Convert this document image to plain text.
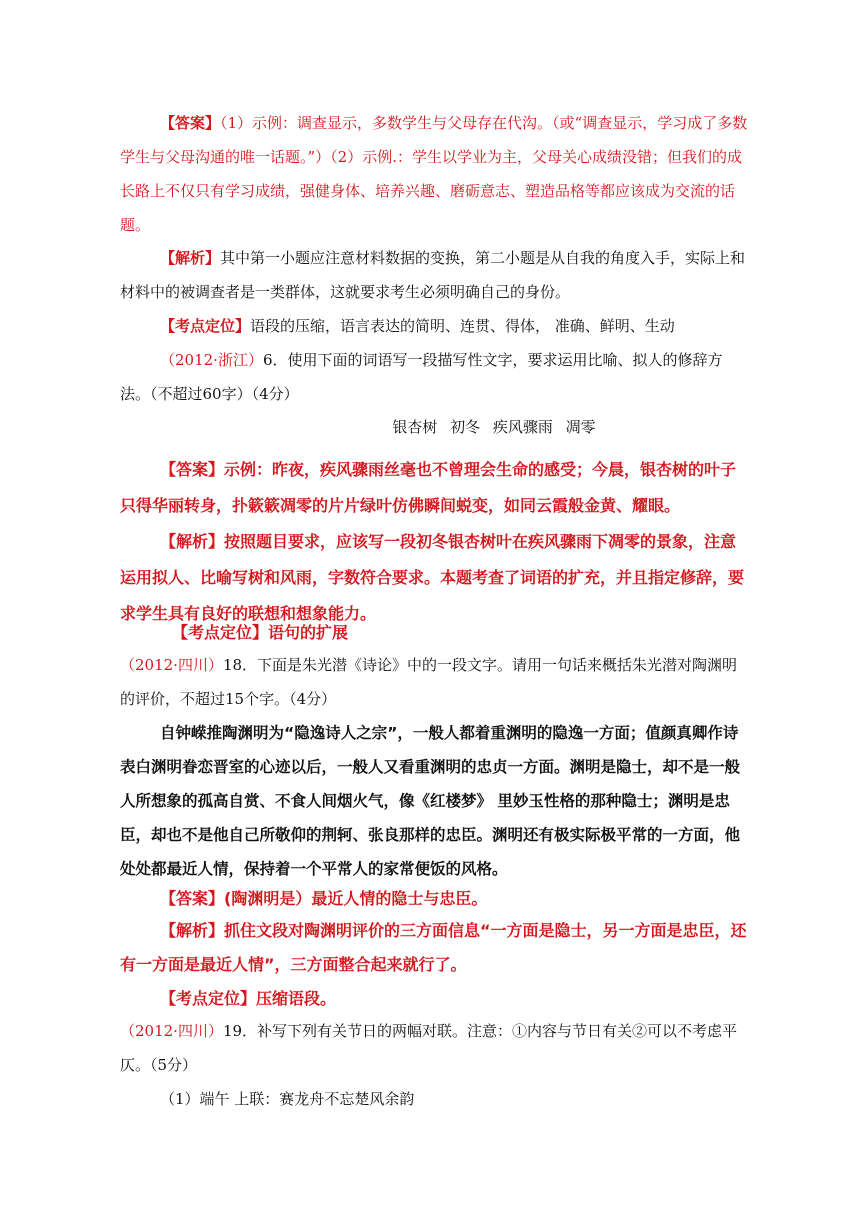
【答案】（1）示例：调查显示，多数学生与父母存在代沟。（或“调查显示，学习成了多数学生与父母沟通的唯一话题。”）（2）示例.：学生以学业为主，父母关心成绩没错；但我们的成长路上不仅只有学习成绩，强健身体、培养兴趣、磨砺意志、塑造品格等都应该成为交流的话题。
【解析】其中第一小题应注意材料数据的变换，第二小题是从自我的角度入手，实际上和材料中的被调查者是一类群体，这就要求考生必须明确自己的身份。
【考点定位】语段的压缩，语言表达的简明、连贯、得体， 准确、鲜明、生动
（2012·浙江）6．使用下面的词语写一段描写性文字，要求运用比喻、拟人的修辞方法。（不超过60字）（4分）
银杏树 初冬 疾风骤雨 凋零
【答案】示例：昨夜，疾风骤雨丝毫也不曾理会生命的感受；今晨，银杏树的叶子只得华丽转身，扑簌簌凋零的片片绿叶仿佛瞬间蜕变，如同云霞般金黄、耀眼。
【解析】按照题目要求，应该写一段初冬银杏树叶在疾风骤雨下凋零的景象，注意运用拟人、比喻写树和风雨，字数符合要求。本题考查了词语的扩充，并且指定修辞，要求学生具有良好的联想和想象能力。
【考点定位】语句的扩展
（2012·四川）18．下面是朱光潜《诗论》中的一段文字。请用一句话来概括朱光潜对陶渊明的评价，不超过15个字。（4分）
自钟嵘推陶渊明为“隐逸诗人之宗”，一般人都着重渊明的隐逸一方面；值颜真卿作诗表白渊明眷恋晋室的心迹以后，一般人又看重渊明的忠贞一方面。渊明是隐士，却不是一般人所想象的孤高自赏、不食人间烟火气，像《红楼梦》 里妙玉性格的那种隐士；渊明是忠臣，却也不是他自己所敬仰的荆轲、张良那样的忠臣。渊明还有极实际极平常的一方面，他处处都最近人情，保持着一个平常人的家常便饭的风格。
【答案】(陶渊明是）最近人情的隐士与忠臣。
【解析】抓住文段对陶渊明评价的三方面信息“一方面是隐士，另一方面是忠臣，还有一方面是最近人情”，三方面整合起来就行了。
【考点定位】压缩语段。
（2012·四川）19．补写下列有关节日的两幅对联。注意：①内容与节日有关②可以不考虑平仄。（5分）
（1）端午 上联：赛龙舟不忘楚风余韵
